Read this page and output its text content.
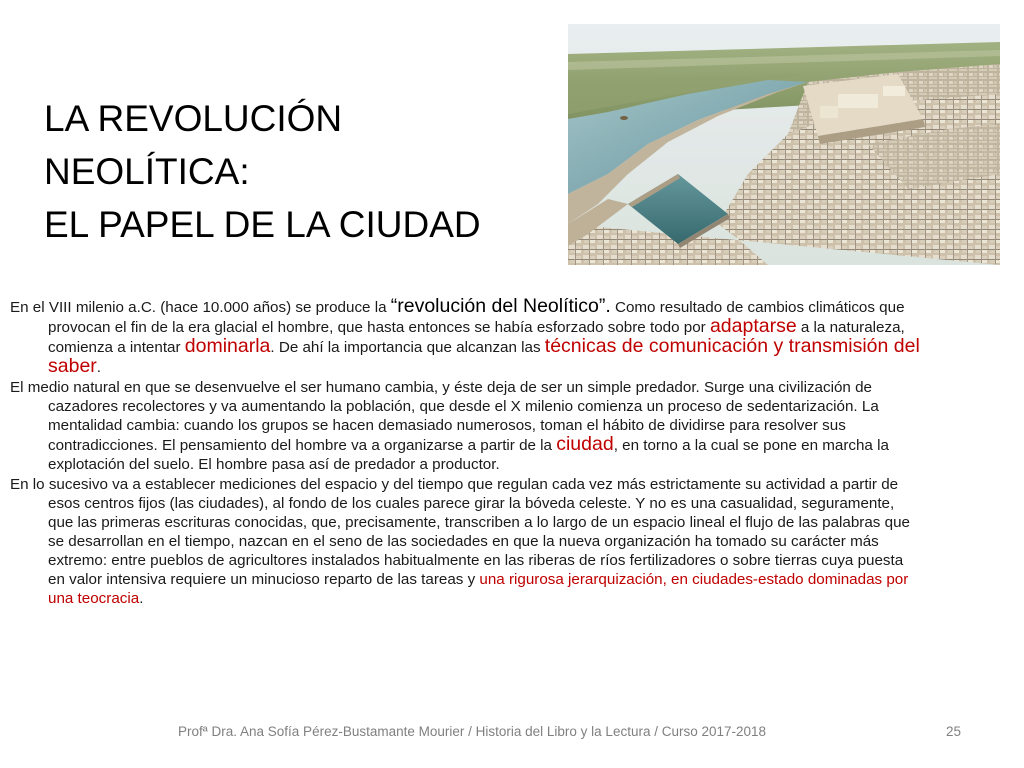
LA REVOLUCIÓN
NEOLÍTICA:
EL PAPEL DE LA CIUDAD

En el VIII milenio a.C. (hace 10.000 años) se produce la “revolución del Neolítico”. Como resultado de cambios climáticos que provocan el fin de la era glacial el hombre, que hasta entonces se había esforzado sobre todo por adaptarse a la naturaleza, comienza a intentar dominarla. De ahí la importancia que alcanzan las técnicas de comunicación y transmisión del saber.

El medio natural en que se desenvuelve el ser humano cambia, y éste deja de ser un simple predador. Surge una civilización de cazadores recolectores y va aumentando la población, que desde el X milenio comienza un proceso de sedentarización. La mentalidad cambia: cuando los grupos se hacen demasiado numerosos, toman el hábito de dividirse para resolver sus contradicciones. El pensamiento del hombre va a organizarse a partir de la ciudad, en torno a la cual se pone en marcha la explotación del suelo. El hombre pasa así de predador a productor.

En lo sucesivo va a establecer mediciones del espacio y del tiempo que regulan cada vez más estrictamente su actividad a partir de esos centros fijos (las ciudades), al fondo de los cuales parece girar la bóveda celeste. Y no es una casualidad, seguramente, que las primeras escrituras conocidas, que, precisamente, transcriben a lo largo de un espacio lineal el flujo de las palabras que se desarrollan en el tiempo, nazcan en el seno de las sociedades en que la nueva organización ha tomado su carácter más extremo: entre pueblos de agricultores instalados habitualmente en las riberas de ríos fertilizadores o sobre tierras cuya puesta en valor intensiva requiere un minucioso reparto de las tareas y una rigurosa jerarquización, en ciudades-estado dominadas por una teocracia.

Profª Dra. Ana Sofía Pérez-Bustamante Mourier / Historia del Libro y la Lectura / Curso 2017-2018	25
